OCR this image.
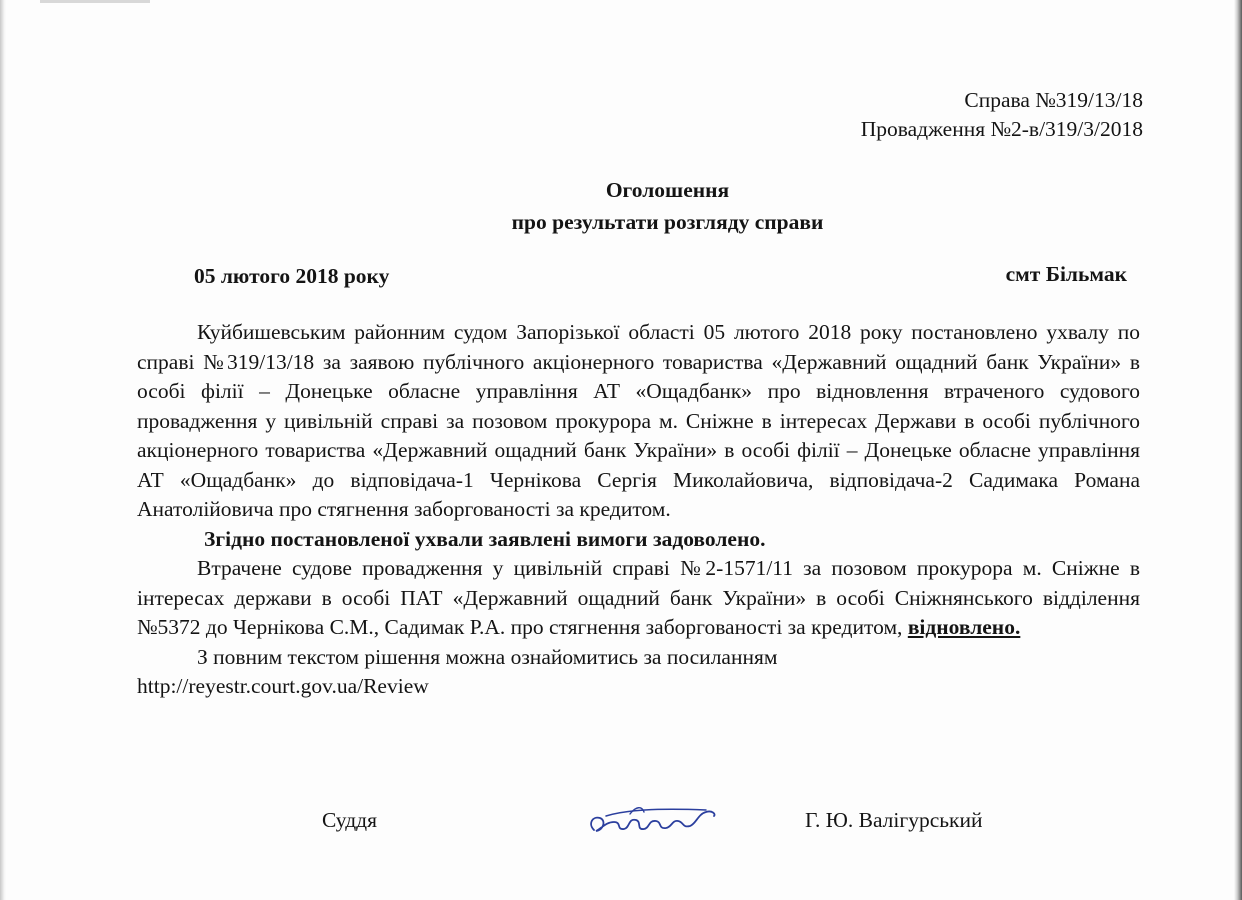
Справа №319/13/18
Провадження №2-в/319/3/2018
Оголошення
про результати розгляду справи
05 лютого 2018 року	смт Більмак

Куйбишевським районним судом Запорізької області 05 лютого 2018 року постановлено ухвалу по справі №319/13/18 за заявою публічного акціонерного товариства «Державний ощадний банк України» в особі філії – Донецьке обласне управління АТ «Ощадбанк» про відновлення втраченого судового провадження у цивільній справі за позовом прокурора м. Сніжне в інтересах Держави в особі публічного акціонерного товариства «Державний ощадний банк України» в особі філії – Донецьке обласне управління АТ «Ощадбанк» до відповідача-1 Чернікова Сергія Миколайовича, відповідача-2 Садимака Романа Анатолійовича про стягнення заборгованості за кредитом.

Згідно постановленої ухвали заявлені вимоги задоволено.

Втрачене судове провадження у цивільній справі №2-1571/11 за позовом прокурора м. Сніжне в інтересах держави в особі ПАТ «Державний ощадний банк України» в особі Сніжнянського відділення №5372 до Чернікова С.М., Садимак Р.А. про стягнення заборгованості за кредитом, відновлено.

З повним текстом рішення можна ознайомитись за посиланням
http://reyestr.court.gov.ua/Review

Суддя	Г. Ю. Валігурський
